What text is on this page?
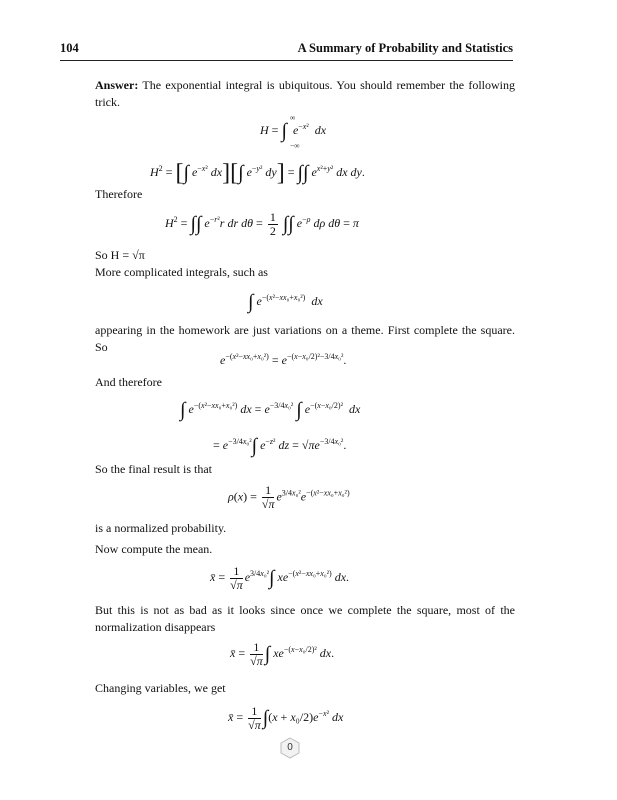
104	A Summary of Probability and Statistics
Answer: The exponential integral is ubiquitous. You should remember the following trick.
H = ∫
∞
−∞
$e^{-x^2}$ dx
$H^2$ = [∫ $e^{-x^2}$ dx][∫ $e^{-y^2}$ dy] = ∫∫ $e^{x^2+y^2}$ dx dy.
Therefore
$H^2$ = ∫∫ $e^{-r^2}r$ dr $d\theta = \frac{1}{2}$ ∫∫ $e^{-\rho}$ dρ dθ = π
So H = √π
More complicated integrals, such as
∫ $e^{-(x^2-xx_0+x_0^2)}$ dx
appearing in the homework are just variations on a theme. First complete the square. So
$e^{-(x^2-xx_0+x_0^2)} = e^{-(x-x_0/2)^2-3/4x_0^2}$.
And therefore
∫ $e^{-(x^2-xx_0+x_0^2)}$ dx = $e^{-3/4x_0^2}$ ∫ $e^{-(x-x_0/2)^2}$ dx
= $e^{-3/4x_0^2}\int$ $e^{-z^2}$ dz = $√\pi e^{-3/4x_0^2}$.
So the final result is that
$\rho(x) = \frac{1}{√\pi} e^{3/4x_0^2}e^{-(x^2-xx_0+x_0^2)}$
is a normalized probability.
Now compute the mean.
x̄ = $\frac{1}{√\pi} e^{3/4x_0^2}\int$ $xe^{-(x^2-xx_0+x_0^2)}$ dx.
But this is not as bad as it looks since once we complete the square, most of the normalization disappears
x̄ = $\frac{1}{√\pi}$ ∫ $xe^{-(x-x_0/2)^2}$ dx.
Changing variables, we get
x̄ = $\frac{1}{√\pi} \int(x + x_0/2)e^{-x^2}$ dx
0
